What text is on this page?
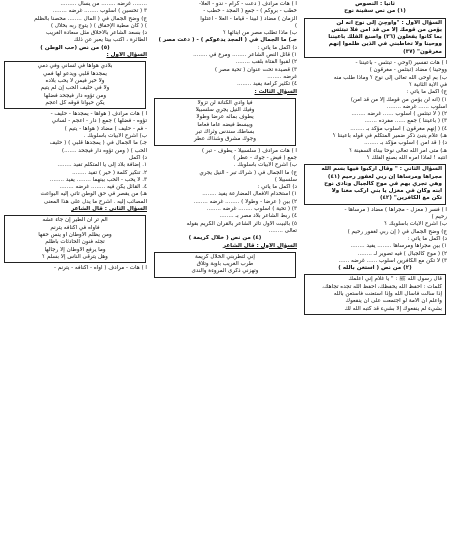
ثانيا : النصوص
(١) من نص سفينة نوح
السؤال الأول : "وأُوحِيَ إلى نوح أنه لن
يؤمن من قومك إلا من قد آمن فلا تبتئس
بما كانوا يفعلون (٣٦) واصنع الفلك بأعيننا
ووحينا ولا تخاطبني في الذين ظلموا إنهم
مغرقون" (٣٧)
أ ) هات تفسير (أوحي - تبتئس - بأعيننا -
ووحينا ) مضاد (تبتئس - مغرقون )
ب) بم أوحى الله تعالى إلى نوح ؟ وماذا طلب منه
في الآية الثانية ؟
ج) أكمل ما يأتي :
١) (أنه لن يؤمن من قومك إلا من قد آمن)
أسلوب ...... غرضه ........
٢) ( لا تبتئس ) أسلوب ...... غرضه ........
٣) ( بأعيننا ) جمع ...... مفرده .......
٤) ( إنهم مغرقون ) أسلوب مؤكد بـ ........
هـ) علام ينبئ ذكر ضمير المتكلم في قوله بأعيننا ؟
د) ( قد آمن ) أسلوب مؤكد بـ ........
هـ) متى أمر الله تعالى نوحا ببناء السفينة ؟
انتبه ! لماذا أمره الله بصنع الفلك ؟
السؤال الثاني : " وقال اركبوا فيها بسم الله
مجراها ومرساها إن ربي لغفور رحيم (٤١)
وهي تجري بهم في موج كالجبال ونادى نوح
ابنه وكان في معزل يا بني اركب معنا ولا
تكن مع الكافرين" (٤٢)
أ ) فسر ( معزل - مجراها ) مضاد ( مرساها -
رحيم )
ب) اشرح الآيات بأسلوبك ؟
ج) وضح الجمال في ( إن ربي لغفور رحيم )
د) أكمل ما يأتي :
١) بين مجراها ومرساها ........ يفيد ........
٢) ( موج كالجبال ) فيه تصوير لـ ........
٣) لا تكن مع الكافرين أسلوب ...... غرضه ......
(٢) من نص ( استعن بالله )
قال رسول الله ﷺ : " يا غلام إني أعلمك
كلمات : احفظ الله يحفظك، احفظ الله تجده تجاهك،
إذا سألت فاسأل الله وإذا استعنت فاستعن بالله
واعلم أن الأمة لو اجتمعت على أن ينفعوك
بشيء لم ينفعوك إلا بشيء قد كتبه الله لك
أ ) هات مرادف ( دعت - كرام - ندو - العلا-
خطب - بروكم ) - جمع ( المجد - خطب -
الزمان ) مضاد ( لبينا - قياما - العلا - اعتلوا
)
ب) ماذا تطلب مصر من أبنائها ؟
جـ) ما الجمال في ( المجد يدعوكم ) - ( دعت مصر )
د) أكمل ما يأتي :
١) قائل النص الشاعر ........ ومرع في ........
٢) لقبوا الفتاة بلقب ........
٣) قصيدة تحت عنوان ( تحية مصر )
غرضه ........
٤) تكثير كرامة يفيد ........
السؤال الثالث :
فيا وادي الكنانة لن تزولا
وفيك النيل يجري سلسبيلا
يطوف بمائه عرضا وطولا
ويبسط فيضه عاما فعاما
بساطك سندس وثراك تبر
وجوك مشرق وشذاك عطر
أ ) هات مرادف ( سلسبيلا - يطوف - تبر )
جمع ( فيض - جوك - عطر )
ب) اشرح الأبيات بأسلوبك .
ج) ما الجمال في ( شراك تبر - النيل يجري
سلسبيلا )
د) أكمل ما يأتي :
١) استخدام الأفعال المضارعة يفيد ........
٢) بين ( عرضا - وطولا ) ........ غرضه ........
٣) ( تحية ) أسلوب ........ غرضه ........
٤) ربط الشاعر بلاد مصر بـ ........
٥) بالبيت الأول تأثر الشاعر بالقرآن الكريم بقوله
تعالى ........
(٤) من نص ( خلال كريمة )
السؤال الأول : قال الشاعر
إني لتطربني الخلال كريمة
طرب الغريب بأوبة وتلاق
وتهزني ذكرى المروءة والندى
........ غرضه ........ من يسأل .........
٣ ( تحسين ) أسلوب ........ غرضه ........
ج) وضح الجمال في ( المال ........ محصنا بالظلم
) ( كان مطية الإخفاق ) ( يتوج ربه بخلال )
د) بسعد الشاعر بالأخلاق مثل سعادة الغريب
الطائرة ، اكتب بيتا يعبر عن ذلك
(٥) من نص (حب الوطن )
السؤال الأول :
بلادي هواها في لساني وفي دمي
يمجدها قلبي ويدعو لها فمي
ولا خير فيمن لا يحب بلاده
ولا في حليف الحب إن لم يتيم
ومن تؤوه دار فيجحد فضلها
يكن حيوانا فوقه كل أعجم
أ ) هات مرادف ( هواها - يمجدها - حليف -
تؤوه - فضلها ) جمع ( دار - أعجم - لساني
- فم - حليف ) مضاد ( هواها - يتيم )
ب) اشرح الأبيات بأسلوبك .
جـ) ما الجمال في ( يمجدها قلبي ) ( حليف
الحب ) ( ومن تؤوه دار فيجحد .......)
د) أكمل
١. إضافة بلاد إلى يا المتكلم تفيد ........
٢. تنكير كلمة ( خير ) تفيد ........
٣. لا يحب - الحب بينهما ........ يفيد ........
٤. القائل يكن فيه ........ غرضه ........
هـ) من يقصر في حق الوطن تأتي إليه البواعث
المصائب إليه . اشرح ما يدل على هذا المعنى
السؤال الثاني : قال الشاعر
ألم تر أن الطير إن جاء عشه
فآواه في أكنافه يترنم
ومن يظلم الأوطان أو ينس حقها
تجئه فنون الحادثات بأظلم
وما يرفع الأوطان إلا رجالها
وهل يترقى الناس إلا بسلم ؟
أ ) هات - مرادف ( أواه - أكنافه - يترنم -
